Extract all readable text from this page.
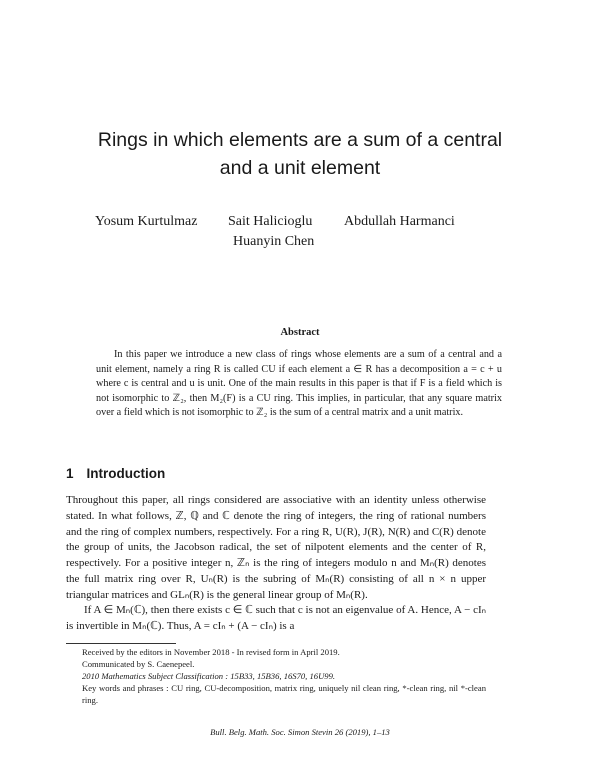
Rings in which elements are a sum of a central
and a unit element
Yosum Kurtulmaz Sait Halicioglu Abdullah Harmanci
Huanyin Chen
Abstract
In this paper we introduce a new class of rings whose elements are a sum of a central and a unit element, namely a ring R is called CU if each element a ∈ R has a decomposition a = c + u where c is central and u is unit. One of the main results in this paper is that if F is a field which is not isomorphic to ℤ₂, then M₂(F) is a CU ring. This implies, in particular, that any square matrix over a field which is not isomorphic to ℤ₂ is the sum of a central matrix and a unit matrix.
1 Introduction
Throughout this paper, all rings considered are associative with an identity unless otherwise stated. In what follows, ℤ, ℚ and ℂ denote the ring of integers, the ring of rational numbers and the ring of complex numbers, respectively. For a ring R, U(R), J(R), N(R) and C(R) denote the group of units, the Jacobson radical, the set of nilpotent elements and the center of R, respectively. For a positive integer n, ℤₙ is the ring of integers modulo n and Mₙ(R) denotes the full matrix ring over R, Uₙ(R) is the subring of Mₙ(R) consisting of all n × n upper triangular matrices and GLₙ(R) is the general linear group of Mₙ(R).
If A ∈ Mₙ(ℂ), then there exists c ∈ ℂ such that c is not an eigenvalue of A. Hence, A − cIₙ is invertible in Mₙ(ℂ). Thus, A = cIₙ + (A − cIₙ) is a
Received by the editors in November 2018 - In revised form in April 2019.
Communicated by S. Caenepeel.
2010 Mathematics Subject Classification : 15B33, 15B36, 16S70, 16U99.
Key words and phrases : CU ring, CU-decomposition, matrix ring, uniquely nil clean ring, *-clean ring, nil *-clean ring.
Bull. Belg. Math. Soc. Simon Stevin 26 (2019), 1–13
